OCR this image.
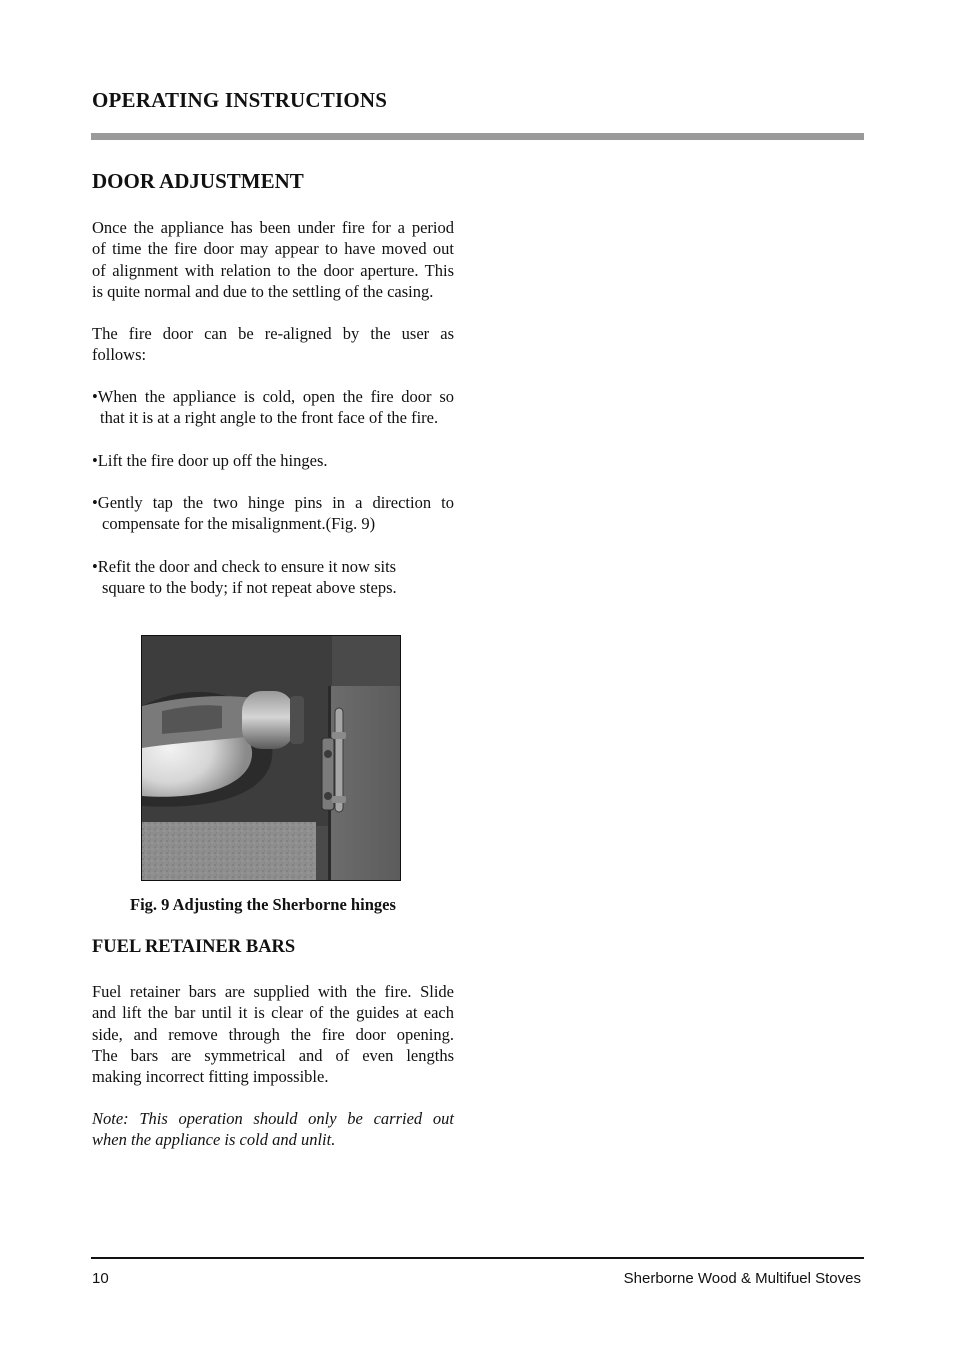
OPERATING INSTRUCTIONS
DOOR ADJUSTMENT
Once the appliance has been under fire for a period
of time the fire door may appear to have moved out
of alignment with relation to the door aperture. This
is quite normal and due to the settling of the casing.
The fire door can be re-aligned by the user as
follows:
•When the appliance is cold, open the fire door so
that it is at a right angle to the front face of the fire.
•Lift the fire door up off the hinges.
•Gently tap the two hinge pins in a direction to
compensate for the misalignment.(Fig. 9)
•Refit the door and check to ensure it now sits
square to the body; if not repeat above steps.
Fig. 9 Adjusting the Sherborne hinges
FUEL RETAINER BARS
Fuel retainer bars are supplied with the fire. Slide
and lift the bar until it is clear of the guides at each
side, and remove through the fire door opening.
The bars are symmetrical and of even lengths
making incorrect fitting impossible.
Note: This operation should only be carried out
when the appliance is cold and unlit.
10	Sherborne Wood & Multifuel Stoves
